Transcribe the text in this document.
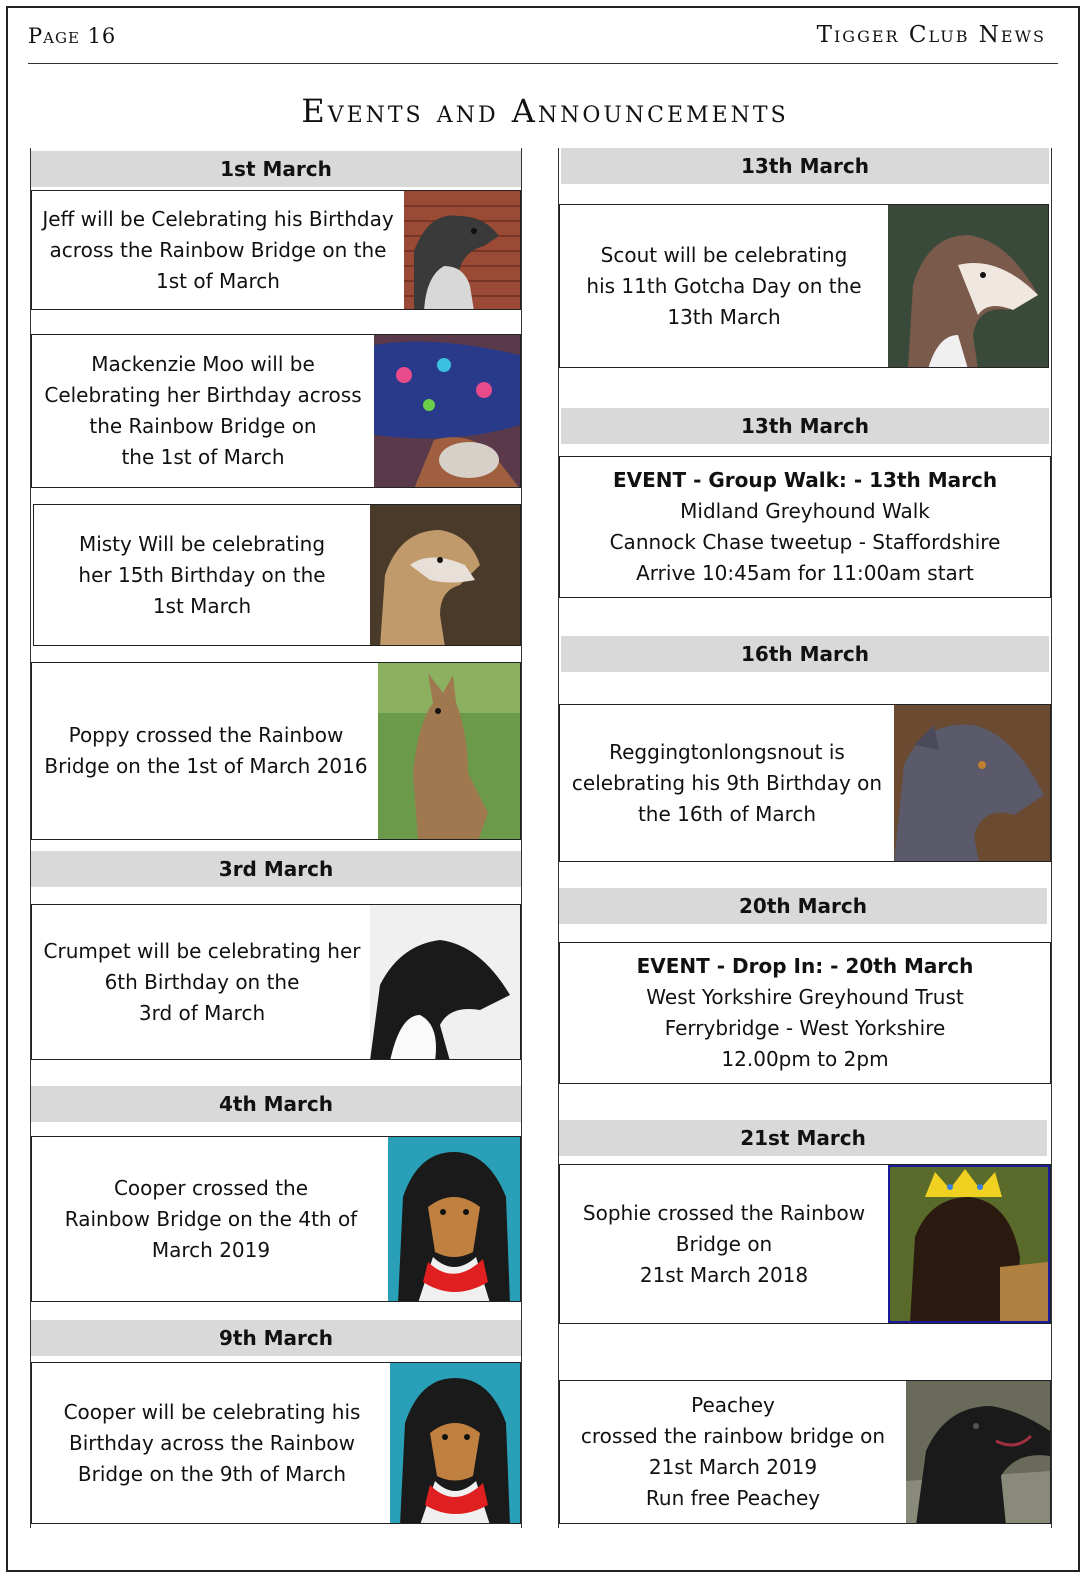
Page 16	Tigger Club News
Events and Announcements
1st March
Jeff will be Celebrating his Birthday across the Rainbow Bridge on the 1st of March
Mackenzie Moo will be Celebrating her Birthday across the Rainbow Bridge on
the 1st of March
Misty Will be celebrating
her 15th Birthday on the
1st March
Poppy crossed the Rainbow Bridge on the 1st of March 2016
3rd March
Crumpet will be celebrating her 6th Birthday on the
3rd of March
4th March
Cooper crossed the
Rainbow Bridge on the 4th of March 2019
9th March
Cooper will be celebrating his Birthday across the Rainbow Bridge on the 9th of March
13th March
Scout will be celebrating
his 11th Gotcha Day on the
13th March
13th March
EVENT - Group Walk: - 13th March
Midland Greyhound Walk
Cannock Chase tweetup - Staffordshire
Arrive 10:45am for 11:00am start
16th March
Reggingtonlongsnout is celebrating his 9th Birthday on the 16th of March
20th March
EVENT - Drop In: - 20th March
West Yorkshire Greyhound Trust
Ferrybridge - West Yorkshire
12.00pm to 2pm
21st March
Sophie crossed the Rainbow Bridge on
21st March 2018
Peachey
crossed the rainbow bridge on 21st March 2019
Run free Peachey
